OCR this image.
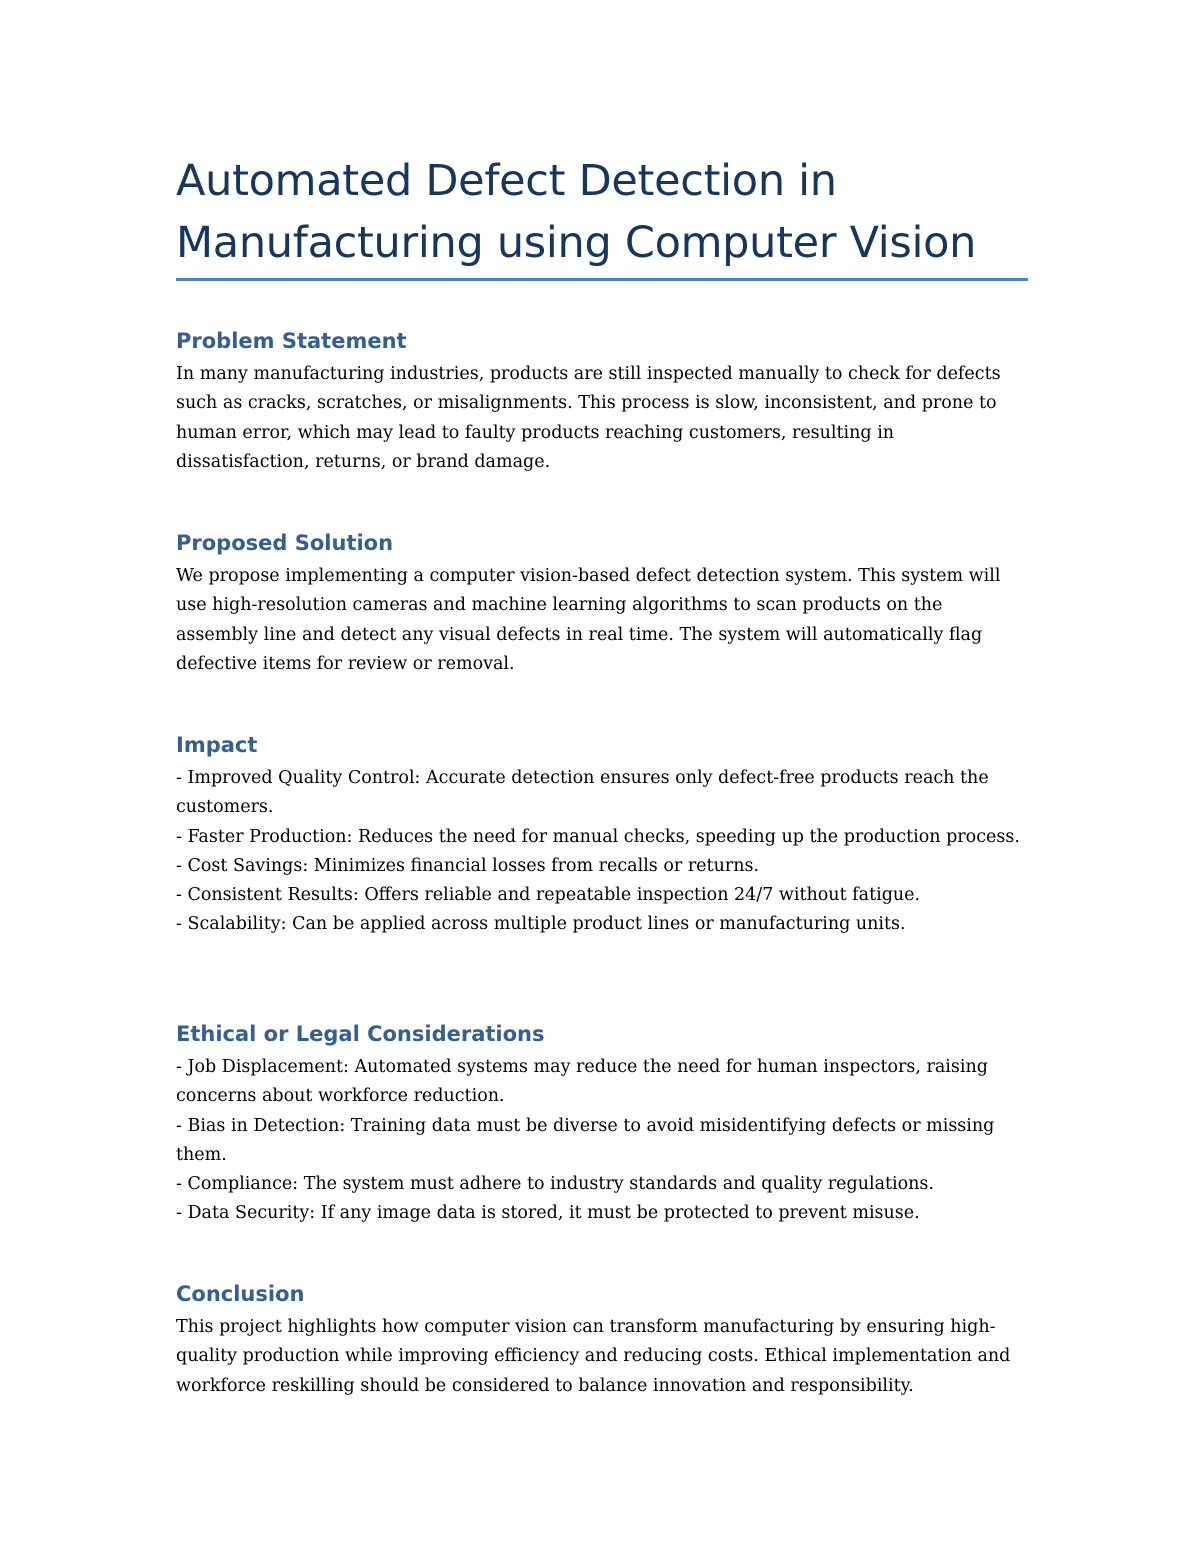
Automated Defect Detection in
Manufacturing using Computer Vision
Problem Statement

In many manufacturing industries, products are still inspected manually to check for defects such as cracks, scratches, or misalignments. This process is slow, inconsistent, and prone to human error, which may lead to faulty products reaching customers, resulting in dissatisfaction, returns, or brand damage.

Proposed Solution

We propose implementing a computer vision-based defect detection system. This system will use high-resolution cameras and machine learning algorithms to scan products on the assembly line and detect any visual defects in real time. The system will automatically flag defective items for review or removal.

Impact

- Improved Quality Control: Accurate detection ensures only defect-free products reach the customers.

- Faster Production: Reduces the need for manual checks, speeding up the production process.

- Cost Savings: Minimizes financial losses from recalls or returns.

- Consistent Results: Offers reliable and repeatable inspection 24/7 without fatigue.

- Scalability: Can be applied across multiple product lines or manufacturing units.

Ethical or Legal Considerations

- Job Displacement: Automated systems may reduce the need for human inspectors, raising concerns about workforce reduction.

- Bias in Detection: Training data must be diverse to avoid misidentifying defects or missing them.

- Compliance: The system must adhere to industry standards and quality regulations.

- Data Security: If any image data is stored, it must be protected to prevent misuse.

Conclusion

This project highlights how computer vision can transform manufacturing by ensuring high-quality production while improving efficiency and reducing costs. Ethical implementation and workforce reskilling should be considered to balance innovation and responsibility.
